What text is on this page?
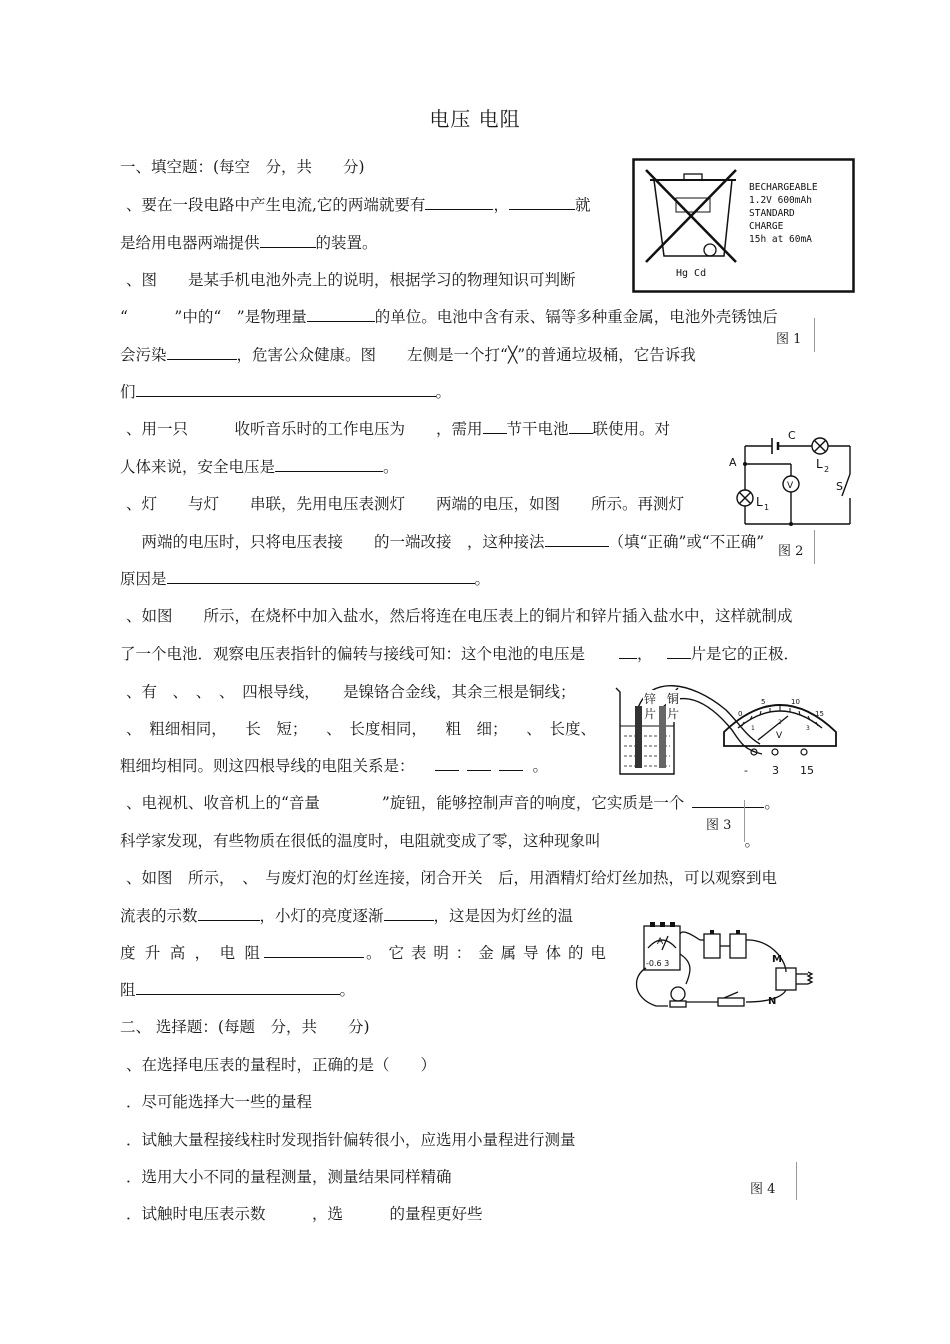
电压 电阻
一、填空题：(每空　分，共　　分)
、要在一段电路中产生电流,它的两端就要有	，	就
是给用电器两端提供	的装置。
、图　　是某手机电池外壳上的说明，根据学习的物理知识可判断
“　　　”中的“　”是物理量	的单位。电池中含有汞、镉等多种重金属，电池外壳锈蚀后
会污染	，危害公众健康。图　　左侧是一个打“╳”的普通垃圾桶，它告诉我
们	。
、用一只　　　收听音乐时的工作电压为　　，需用 节干电池 联使用。对
人体来说，安全电压是	。
、灯　　与灯　　串联，先用电压表测灯　　两端的电压，如图　　所示。再测灯
　两端的电压时，只将电压表接　　的一端改接　，这种接法	（填“正确”或“不正确”
原因是	。
、如图　　所示，在烧杯中加入盐水，然后将连在电压表上的铜片和锌片插入盐水中，这样就制成
了一个电池．观察电压表指针的偏转与接线可知：这个电池的电压是	， 片是它的正极．
、有　、　、　、　四根导线，　　是镍铬合金线，其余三根是铜线；
、　粗细相同， 长　短； 、　长度相同， 粗　细； 、　长度、
粗细均相同。则这四根导线的电阻关系是：	。
、电视机、收音机上的“音量　　　　”旋钮，能够控制声音的响度，它实质是一个	。
科学家发现，有些物质在很低的温度时，电阻就变成了零，这种现象叫	。
、如图　所示，　、　与废灯泡的灯丝连接，闭合开关　后，用酒精灯给灯丝加热，可以观察到电
流表的示数	，小灯的亮度逐渐	，这是因为灯丝的温
度 升 高 ， 电 阻	。 它 表 明 ： 金 属 导 体 的 电
阻	。
二、 选择题：(每题　分，共　　分)
、在选择电压表的量程时，正确的是（　　）
．尽可能选择大一些的量程
．试触大量程接线柱时发现指针偏转很小，应选用小量程进行测量
．选用大小不同的量程测量，测量结果同样精确
．试触时电压表示数　　　，选　　　的量程更好些
Hg Cd
BECHARGEABLE
1.2V 600mAh
STANDARD
CHARGE
15h at 60mA
图 1
A
C
V
L 1
L 2
S
图 2
锌
片
铜
片	0
5	10
15
1
2
3
V
- 3 15
图 3
A
-0.6 3	M
N
图 4
